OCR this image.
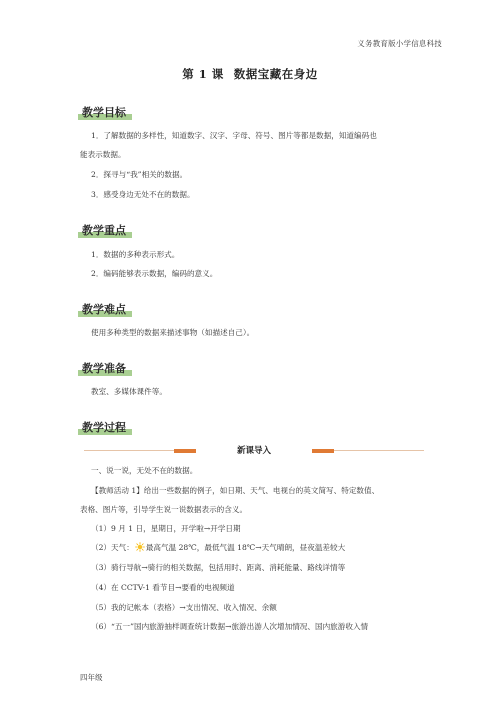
义务教育版小学信息科技
第 1 课 数据宝藏在身边
教学目标
1．了解数据的多样性，知道数字、汉字、字母、符号、图片等都是数据，知道编码也
能表示数据。
2．探寻与“我”相关的数据。
3．感受身边无处不在的数据。
教学重点
1．数据的多种表示形式。
2．编码能够表示数据，编码的意义。
教学难点
使用多种类型的数据来描述事物（如描述自己）。
教学准备
教室、多媒体课件等。
教学过程
新课导入
一、说一说，无处不在的数据。
【教师活动 1】给出一些数据的例子，如日期、天气、电视台的英文简写、特定数值、
表格、图片等，引导学生说一说数据表示的含义。
（1）9 月 1 日，星期日，开学啦→开学日期
（2）天气： 最高气温 28℃，最低气温 18℃→天气晴朗，昼夜温差较大
（3）骑行导航→骑行的相关数据，包括用时、距离、消耗能量、路线详情等
（4）在 CCTV-1 看节目→要看的电视频道
（5）我的记帐本（表格）→支出情况、收入情况、余额
（6）“五一”国内旅游抽样调查统计数据→旅游出游人次增加情况、国内旅游收入情
四年级
